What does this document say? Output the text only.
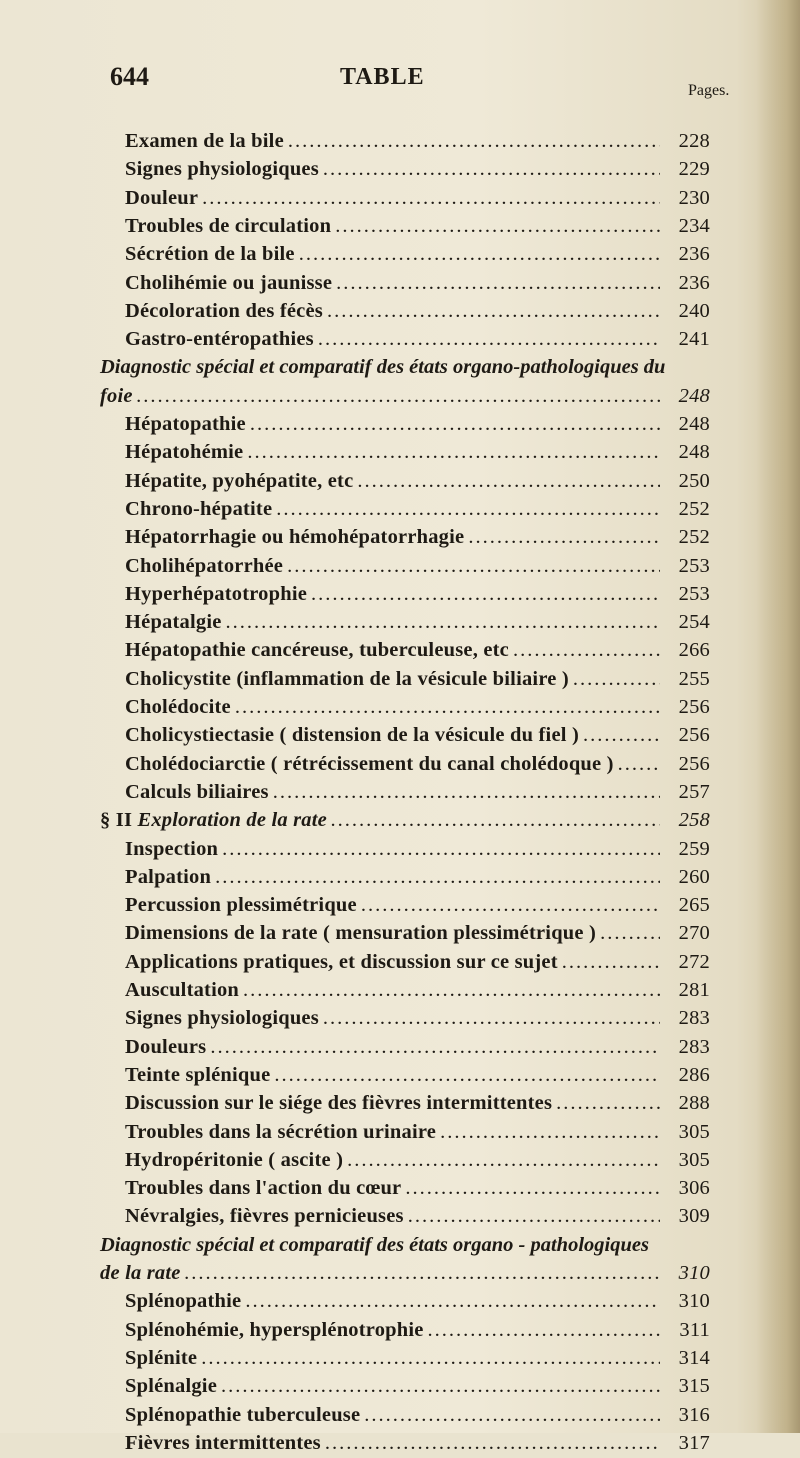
644	TABLE
Pages.
Examen de la bile .....	228
Signes physiologiques .....	229
Douleur .....	230
Troubles de circulation .....	234
Sécrétion de la bile .....	236
Cholihémie ou jaunisse .....	236
Décoloration des fécès .....	240
Gastro-entéropathies .....	241
Diagnostic spécial et comparatif des états organo-pathologiques du
foie .....	248
Hépatopathie .....	248
Hépatohémie .....	248
Hépatite, pyohépatite, etc .....	250
Chrono-hépatite .....	252
Hépatorrhagie ou hémohépatorrhagie .....	252
Cholihépatorrhée .....	253
Hyperhépatotrophie .....	253
Hépatalgie .....	254
Hépatopathie cancéreuse, tuberculeuse, etc .....	266
Cholicystite (inflammation de la vésicule biliaire ) .....	255
Cholédocite .....	256
Cholicystiectasie ( distension de la vésicule du fiel ) .....	256
Cholédociarctie ( rétrécissement du canal cholédoque ) .....	256
Calculs biliaires .....	257
§ II Exploration de la rate .....	258
Inspection .....	259
Palpation .....	260
Percussion plessimétrique .....	265
Dimensions de la rate ( mensuration plessimétrique ) .....	270
Applications pratiques, et discussion sur ce sujet .....	272
Auscultation .....	281
Signes physiologiques .....	283
Douleurs .....	283
Teinte splénique .....	286
Discussion sur le siége des fièvres intermittentes .....	288
Troubles dans la sécrétion urinaire .....	305
Hydropéritonie ( ascite ) .....	305
Troubles dans l'action du cœur .....	306
Névralgies, fièvres pernicieuses .....	309
Diagnostic spécial et comparatif des états organo - pathologiques
de la rate .....	310
Splénopathie .....	310
Splénohémie, hypersplénotrophie .....	311
Splénite .....	314
Splénalgie .....	315
Splénopathie tuberculeuse .....	316
Fièvres intermittentes .....	317
